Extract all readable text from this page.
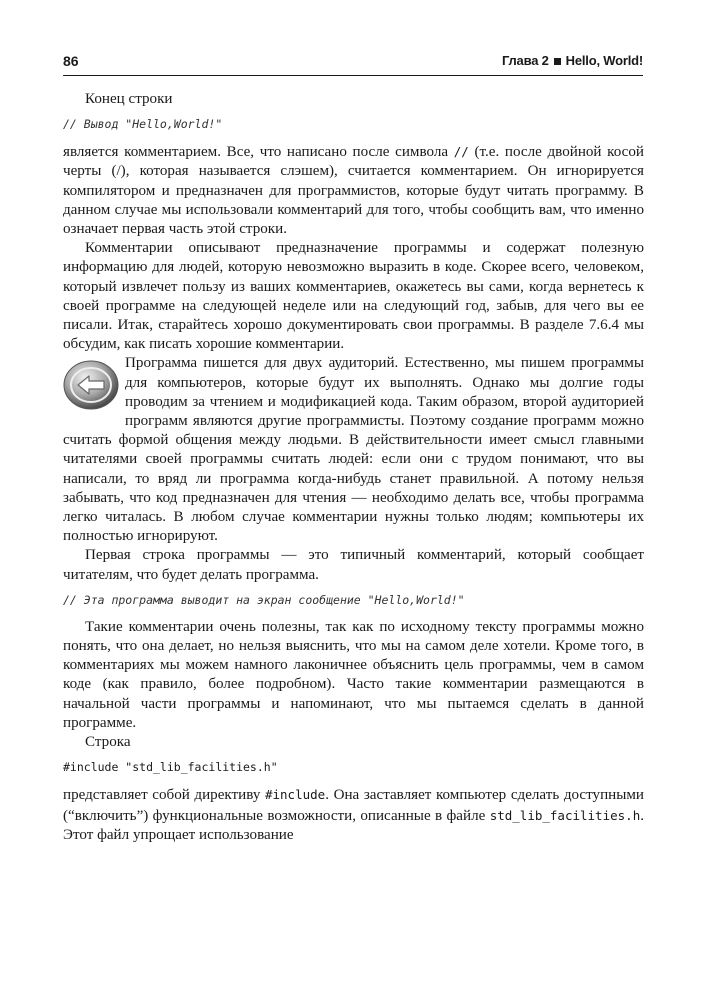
86	Глава 2 Hello, World!

Конец строки

// Вывод "Hello,World!"

является комментарием. Все, что написано после символа // (т.е. после двойной косой черты (/), которая называется слэшем), считается комментарием. Он игнорируется компилятором и предназначен для программистов, которые будут читать программу. В данном случае мы использовали комментарий для того, чтобы сообщить вам, что именно означает первая часть этой строки.

Комментарии описывают предназначение программы и содержат полезную информацию для людей, которую невозможно выразить в коде. Скорее всего, человеком, который извлечет пользу из ваших комментариев, окажетесь вы сами, когда вернетесь к своей программе на следующей неделе или на следующий год, забыв, для чего вы ее писали. Итак, старайтесь хорошо документировать свои программы. В разделе 7.6.4 мы обсудим, как писать хорошие комментарии.

Программа пишется для двух аудиторий. Естественно, мы пишем программы для компьютеров, которые будут их выполнять. Однако мы долгие годы проводим за чтением и модификацией кода. Таким образом, второй аудиторией программ являются другие программисты. Поэтому создание программ можно считать формой общения между людьми. В действительности имеет смысл главными читателями своей программы считать людей: если они с трудом понимают, что вы написали, то вряд ли программа когда-нибудь станет правильной. А потому нельзя забывать, что код предназначен для чтения — необходимо делать все, чтобы программа легко читалась. В любом случае комментарии нужны только людям; компьютеры их полностью игнорируют.

Первая строка программы — это типичный комментарий, который сообщает читателям, что будет делать программа.

// Эта программа выводит на экран сообщение "Hello,World!"

Такие комментарии очень полезны, так как по исходному тексту программы можно понять, что она делает, но нельзя выяснить, что мы на самом деле хотели. Кроме того, в комментариях мы можем намного лаконичнее объяснить цель программы, чем в самом коде (как правило, более подробном). Часто такие комментарии размещаются в начальной части программы и напоминают, что мы пытаемся сделать в данной программе.

Строка

#include "std_lib_facilities.h"

представляет собой директиву #include. Она заставляет компьютер сделать доступными (“включить”) функциональные возможности, описанные в файле std_lib_facilities.h. Этот файл упрощает использование
